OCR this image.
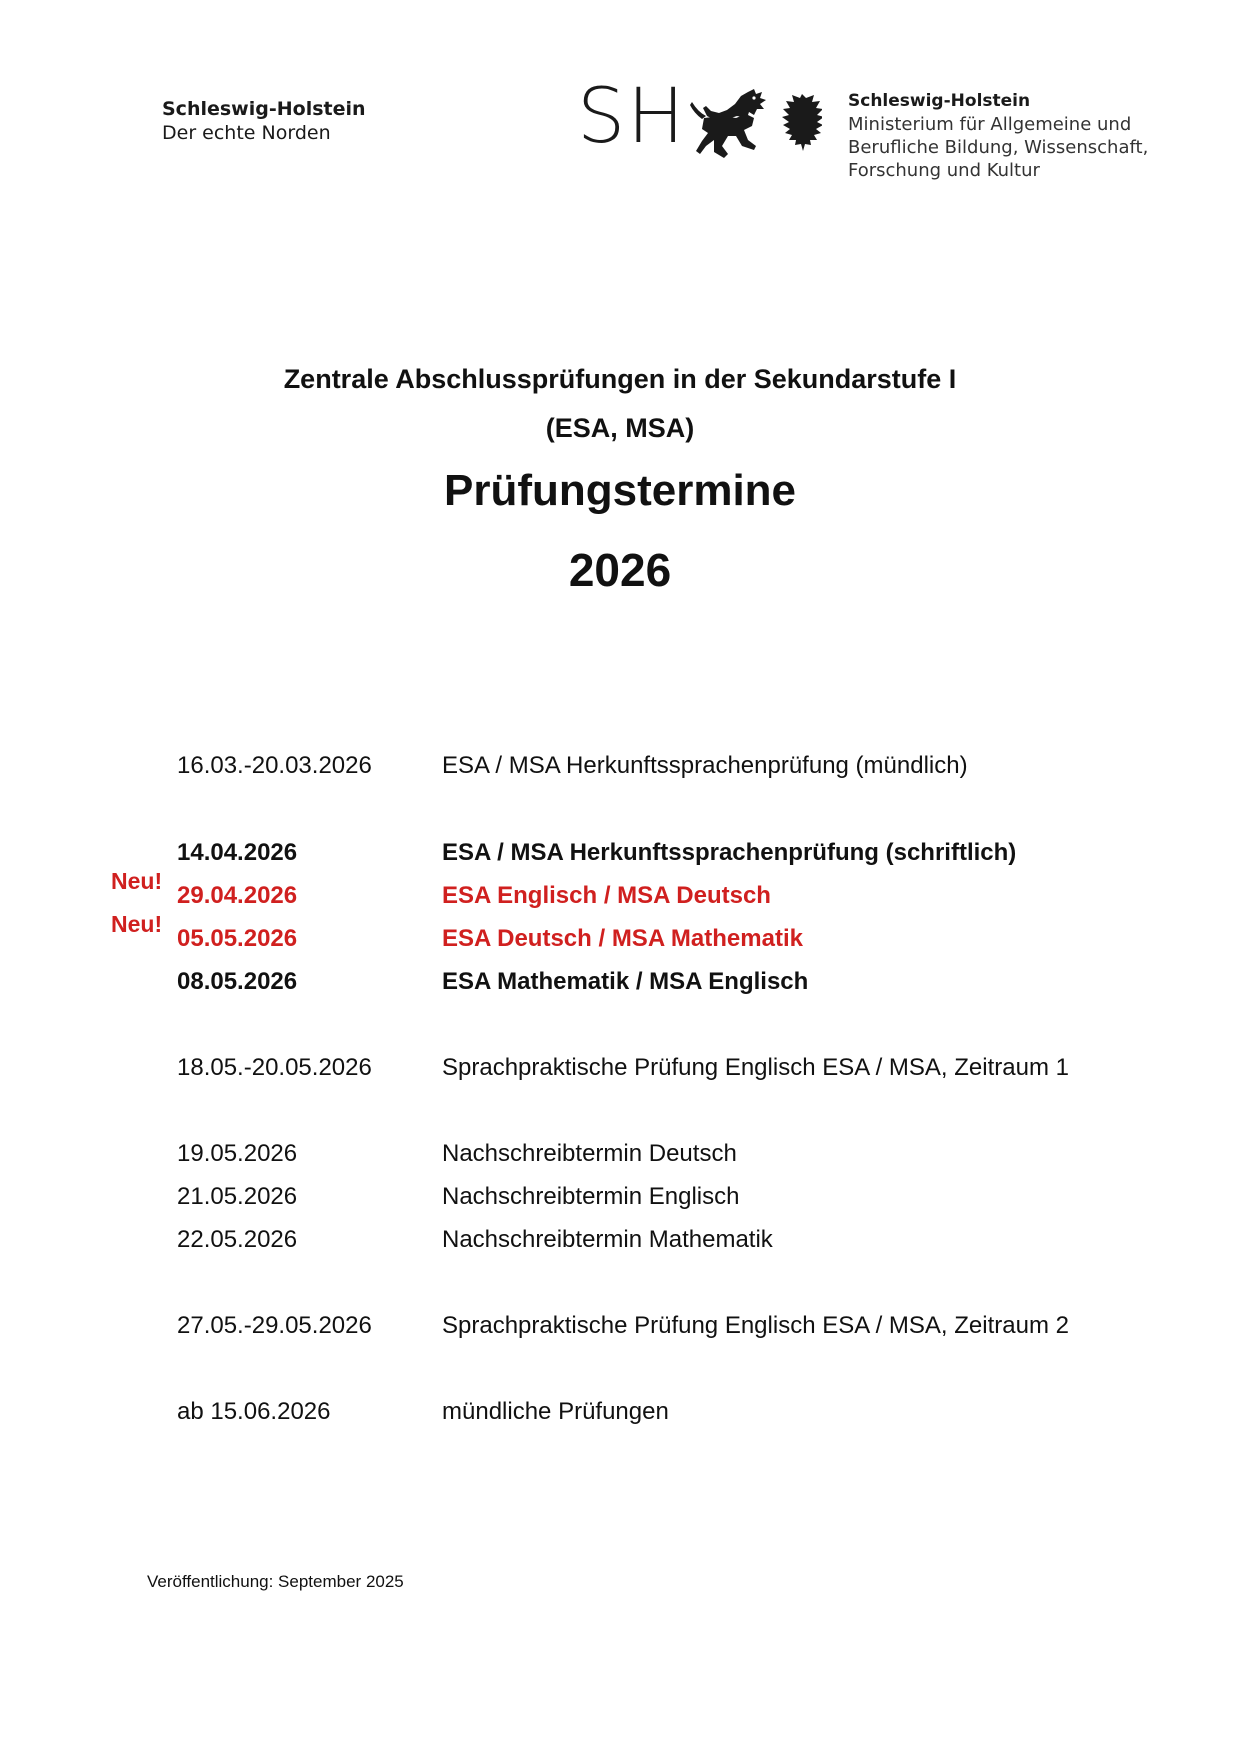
Schleswig-Holstein
Der echte Norden	SH	Schleswig-Holstein
Ministerium für Allgemeine und
Berufliche Bildung, Wissenschaft,
Forschung und Kultur
Zentrale Abschlussprüfungen in der Sekundarstufe I
(ESA, MSA)
Prüfungstermine
2026
16.03.-20.03.2026	ESA / MSA Herkunftssprachenprüfung (mündlich)
14.04.2026	ESA / MSA Herkunftssprachenprüfung (schriftlich)
Neu!
29.04.2026	ESA Englisch / MSA Deutsch
Neu!
05.05.2026	ESA Deutsch / MSA Mathematik
08.05.2026	ESA Mathematik / MSA Englisch
18.05.-20.05.2026	Sprachpraktische Prüfung Englisch ESA / MSA, Zeitraum 1
19.05.2026	Nachschreibtermin Deutsch
21.05.2026	Nachschreibtermin Englisch
22.05.2026	Nachschreibtermin Mathematik
27.05.-29.05.2026	Sprachpraktische Prüfung Englisch ESA / MSA, Zeitraum 2
ab 15.06.2026	mündliche Prüfungen
Veröffentlichung: September 2025
